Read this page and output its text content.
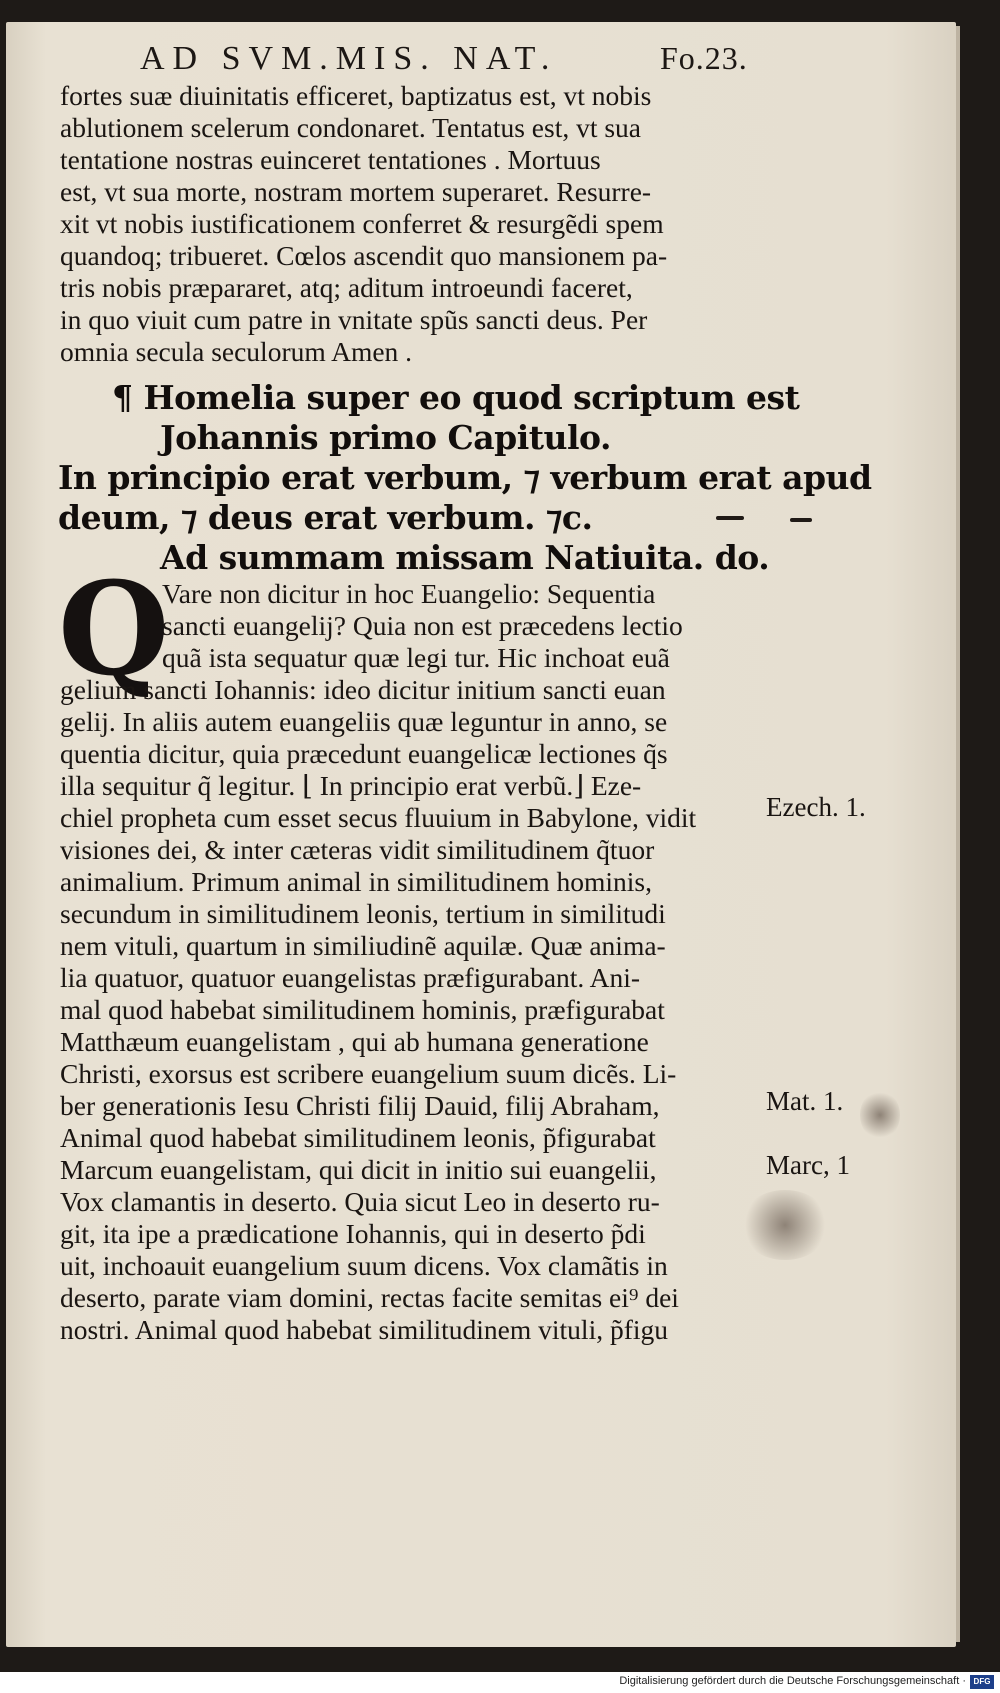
AD SVM.MIS. NAT.	Fo.23.
fortes suæ diuinitatis efficeret, baptizatus est, vt nobis
ablutionem scelerum condonaret. Tentatus est, vt sua
tentatione nostras euinceret tentationes . Mortuus
est, vt sua morte, nostram mortem superaret. Resurre-
xit vt nobis iustificationem conferret & resurgẽdi spem
quandoq; tribueret. Cœlos ascendit quo mansionem pa-
tris nobis præpararet, atq; aditum introeundi faceret,
in quo viuit cum patre in vnitate spũs sancti deus. Per
omnia secula seculorum Amen .
¶ Homelia super eo quod scriptum est
Johannis primo Capitulo.
In principio erat verbum, ⁊ verbum erat apud
deum, ⁊ deus erat verbum. ⁊c.
Ad summam missam Natiuita. do.
Q
Vare non dicitur in hoc Euangelio: Sequentia
sancti euangelij? Quia non est præcedens lectio
quã ista sequatur quæ legi tur. Hic inchoat euã
gelium sancti Iohannis: ideo dicitur initium sancti euan
gelij. In aliis autem euangeliis quæ leguntur in anno, se
quentia dicitur, quia præcedunt euangelicæ lectiones q̃s
illa sequitur q̃ legitur. ⌊ In principio erat verbũ.⌋ Eze-
chiel propheta cum esset secus fluuium in Babylone, vidit
visiones dei, & inter cæteras vidit similitudinem q̃tuor
animalium. Primum animal in similitudinem hominis,
secundum in similitudinem leonis, tertium in similitudi
nem vituli, quartum in similiudinẽ aquilæ. Quæ anima-
lia quatuor, quatuor euangelistas præfigurabant. Ani-
mal quod habebat similitudinem hominis, præfigurabat
Matthæum euangelistam , qui ab humana generatione
Christi, exorsus est scribere euangelium suum dicẽs. Li-
ber generationis Iesu Christi filij Dauid, filij Abraham,
Animal quod habebat similitudinem leonis, p̃figurabat
Marcum euangelistam, qui dicit in initio sui euangelii,
Vox clamantis in deserto. Quia sicut Leo in deserto ru-
git, ita ipe a prædicatione Iohannis, qui in deserto p̃di
uit, inchoauit euangelium suum dicens. Vox clamãtis in
deserto, parate viam domini, rectas facite semitas ei⁹ dei
nostri. Animal quod habebat similitudinem vituli, p̃figu
Ezech. 1.
Mat. 1.
Marc, 1
Digitalisierung gefördert durch die Deutsche Forschungsgemeinschaft · DFG
